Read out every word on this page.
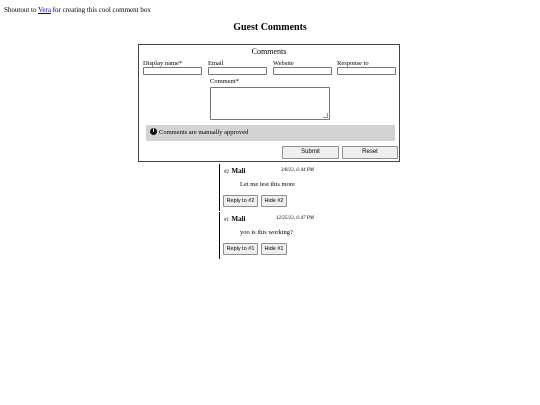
Shoutout to Vera for creating this cool comment box
Guest Comments
Comments
Display name*	Email	Website	Response to
Comment*
i Comments are manually approved
Submit	Reset
#2 Mali	3/8/23, 6:44 PM
Let me test this more
Reply to #2	Hide #2
#1 Mali	12/25/23, 6:47 PM
yoo is this working?
Reply to #1	Hide #1
